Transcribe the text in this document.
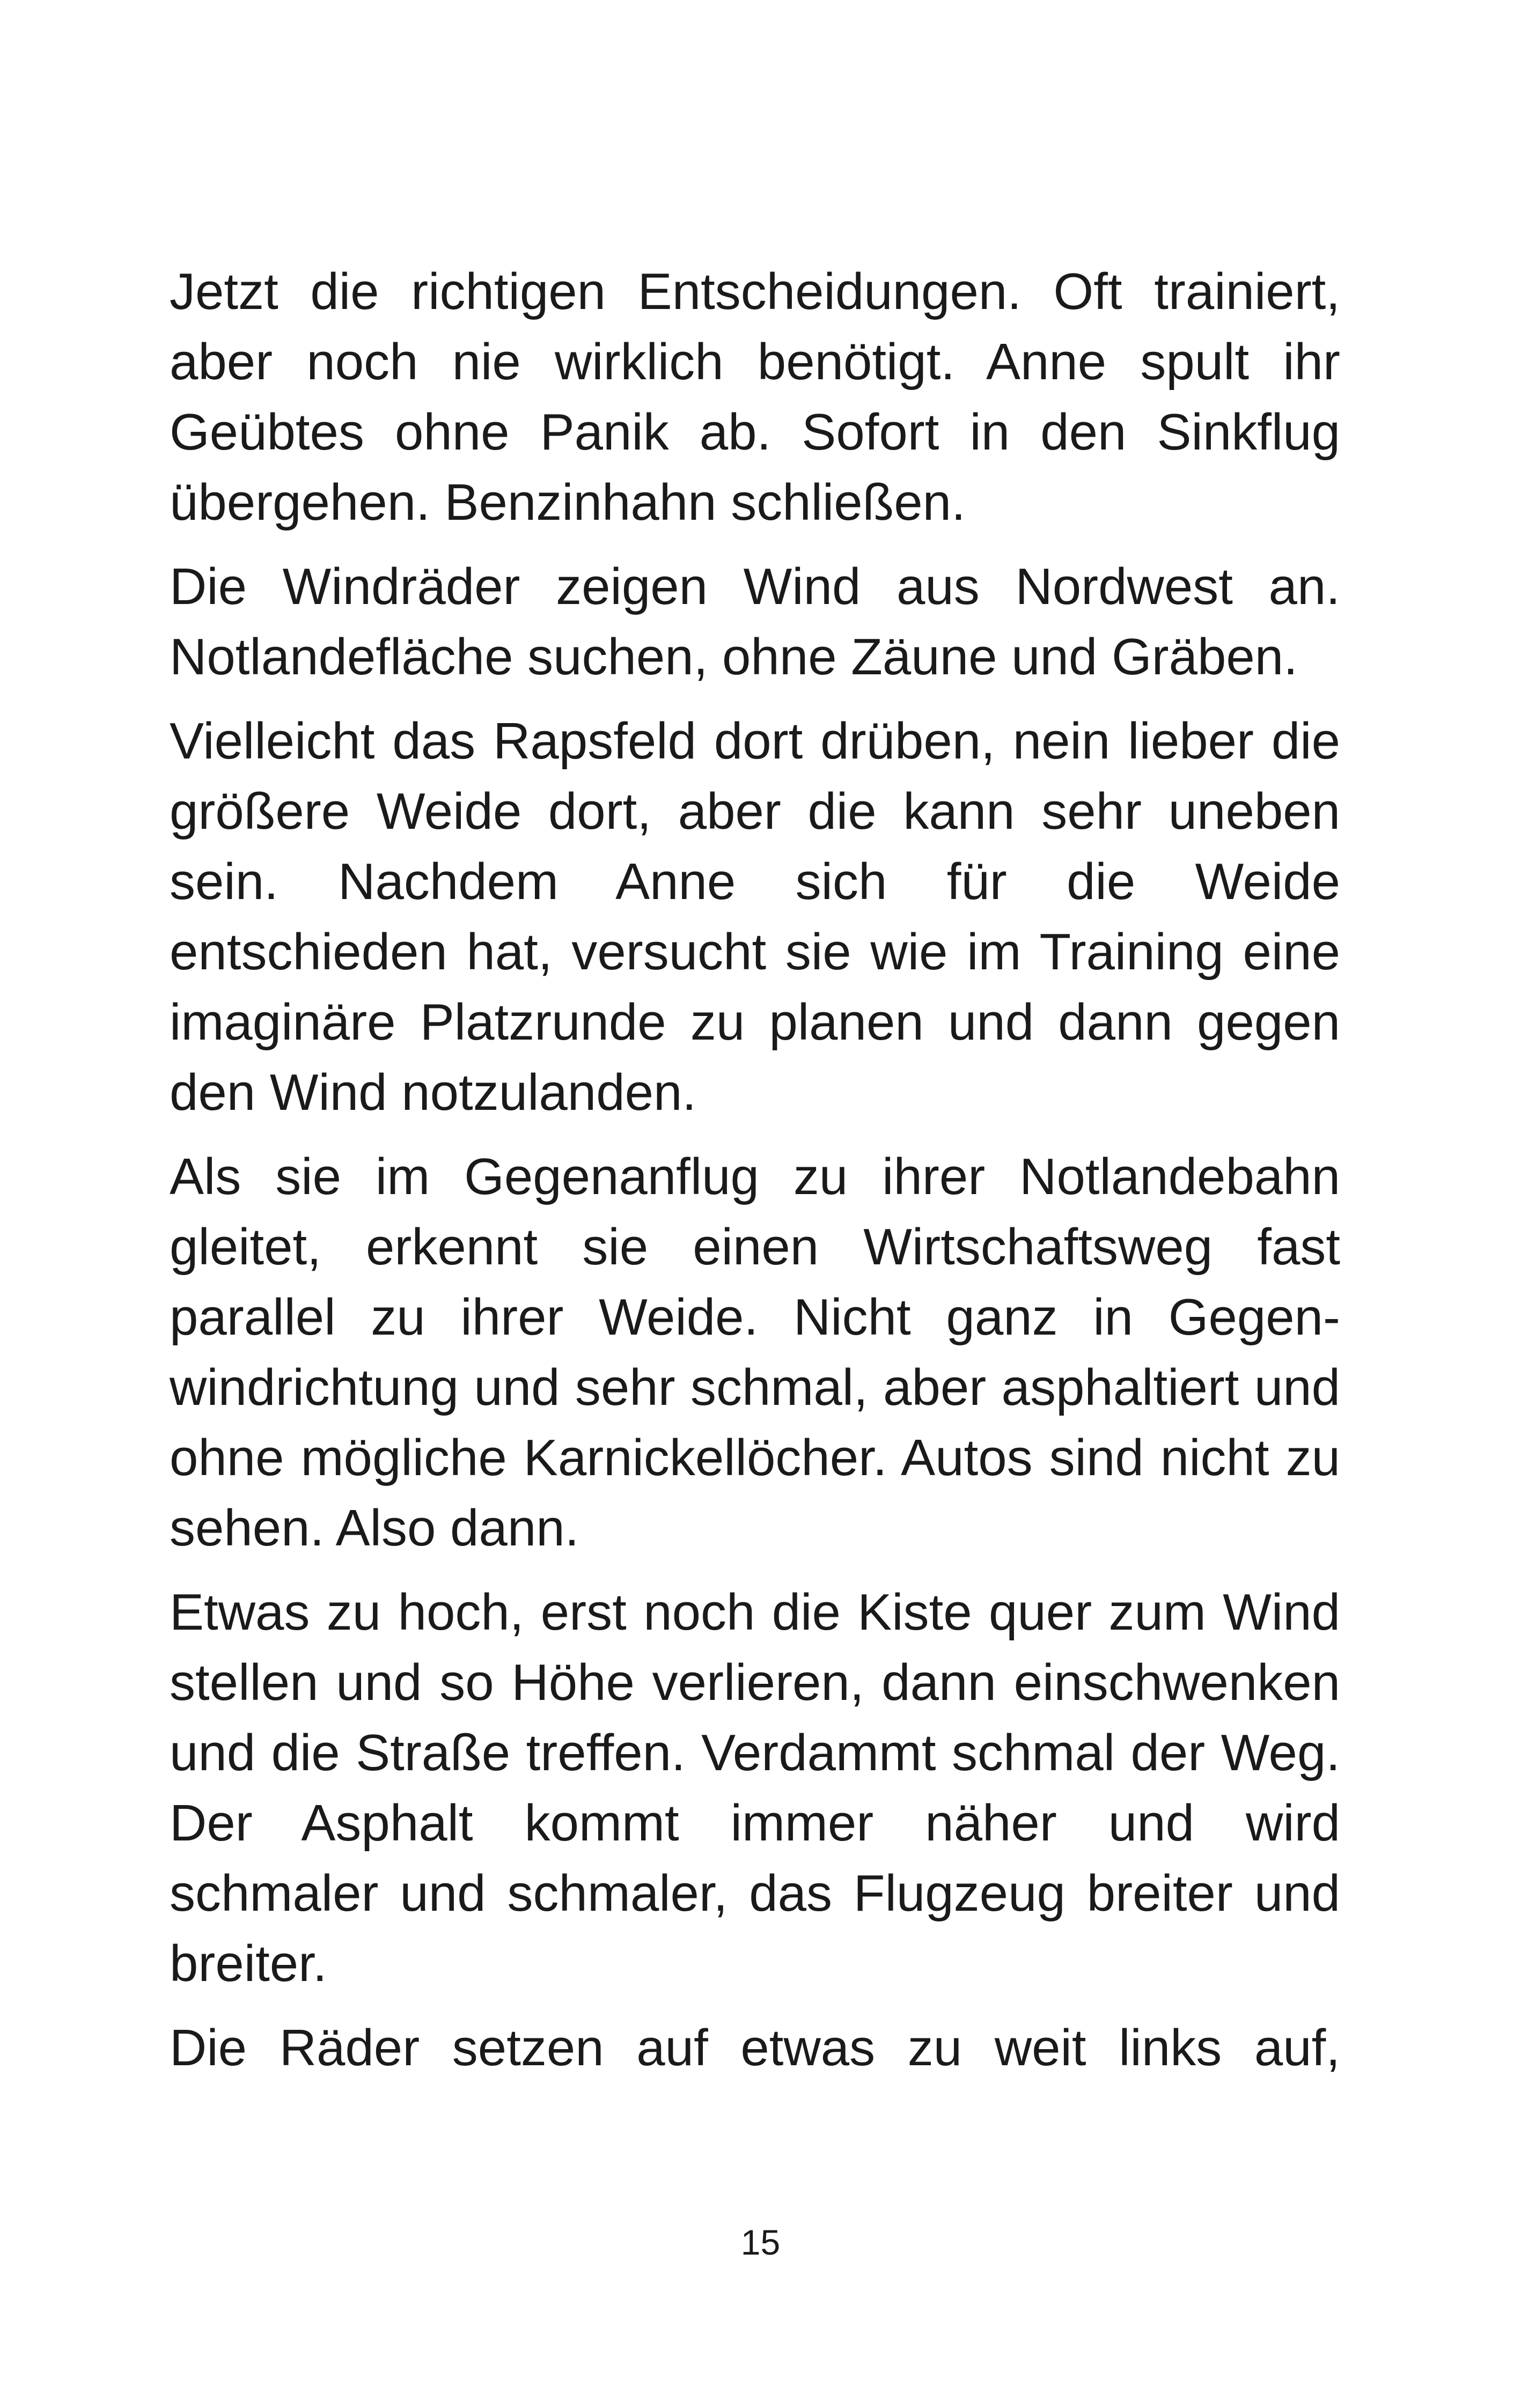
Jetzt die richtigen Entscheidungen. Oft trainiert, aber noch nie wirklich benötigt. Anne spult ihr Geübtes ohne Panik ab. Sofort in den Sinkflug übergehen. Benzinhahn schließen.

Die Windräder zeigen Wind aus Nordwest an. Notlandefläche suchen, ohne Zäune und Gräben.

Vielleicht das Rapsfeld dort drüben, nein lieber die größere Weide dort, aber die kann sehr uneben sein. Nachdem Anne sich für die Weide entschieden hat, versucht sie wie im Training eine imaginäre Platzrunde zu planen und dann gegen den Wind notzulanden.

Als sie im Gegenanflug zu ihrer Notlandebahn gleitet, erkennt sie einen Wirtschaftsweg fast parallel zu ihrer Weide. Nicht ganz in Gegenwindrichtung und sehr schmal, aber asphaltiert und ohne mögliche Karnickellöcher. Autos sind nicht zu sehen. Also dann.

Etwas zu hoch, erst noch die Kiste quer zum Wind stellen und so Höhe verlieren, dann einschwenken und die Straße treffen. Verdammt schmal der Weg. Der Asphalt kommt immer näher und wird schmaler und schmaler, das Flugzeug breiter und breiter.

Die Räder setzen auf etwas zu weit links auf,

15
